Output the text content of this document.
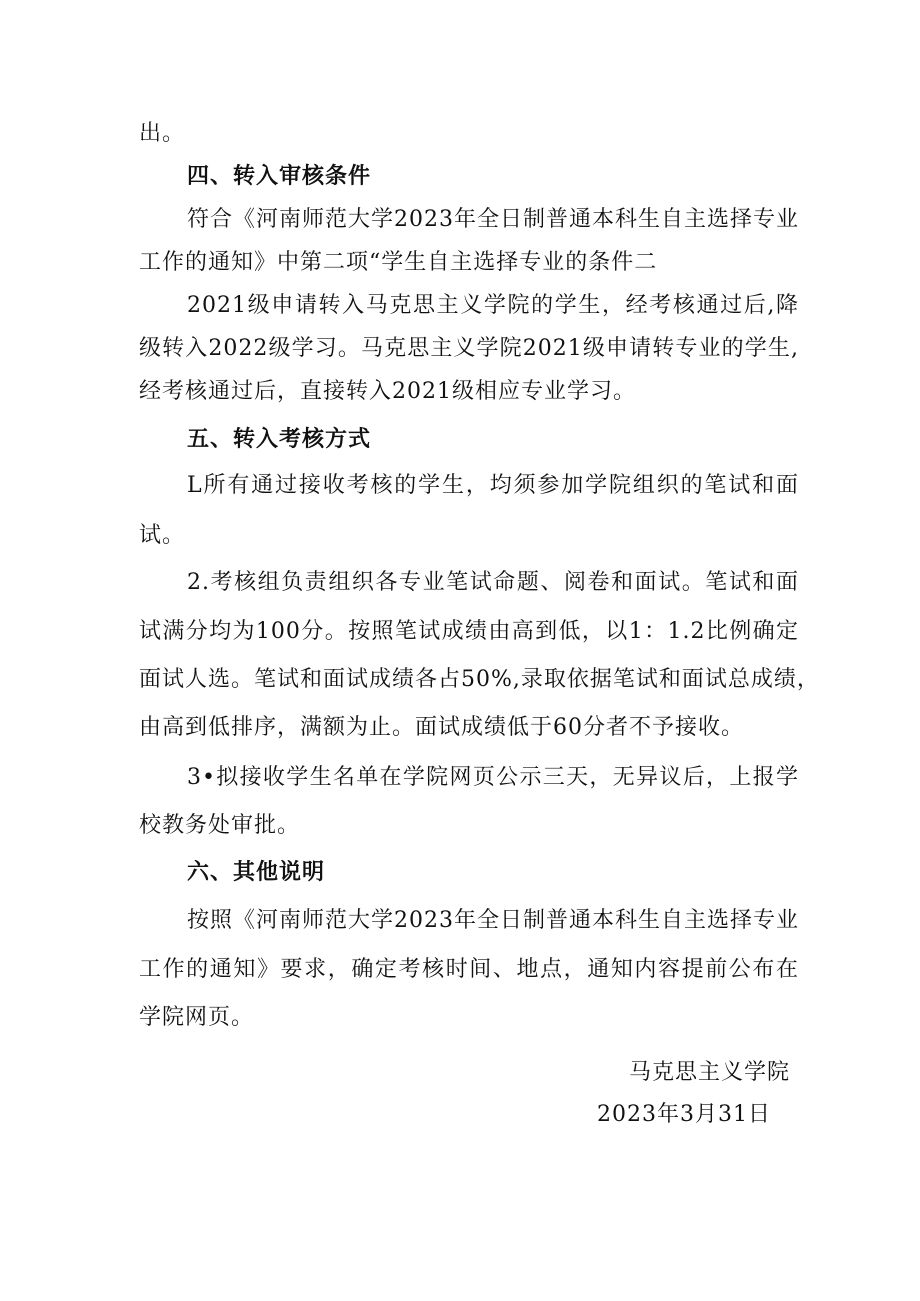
出。
四、转入审核条件
符合《河南师范大学2023年全日制普通本科生自主选择专业
工作的通知》中第二项“学生自主选择专业的条件二
2021级申请转入马克思主义学院的学生，经考核通过后,降
级转入2022级学习。马克思主义学院2021级申请转专业的学生,
经考核通过后，直接转入2021级相应专业学习。
五、转入考核方式
L所有通过接收考核的学生，均须参加学院组织的笔试和面
试。
2.考核组负责组织各专业笔试命题、阅卷和面试。笔试和面
试满分均为100分。按照笔试成绩由高到低，以1：1.2比例确定
面试人选。笔试和面试成绩各占50%,录取依据笔试和面试总成绩，
由高到低排序，满额为止。面试成绩低于60分者不予接收。
3•拟接收学生名单在学院网页公示三天，无异议后，上报学
校教务处审批。
六、其他说明
按照《河南师范大学2023年全日制普通本科生自主选择专业
工作的通知》要求，确定考核时间、地点，通知内容提前公布在
学院网页。
马克思主义学院
2023年3月31日
